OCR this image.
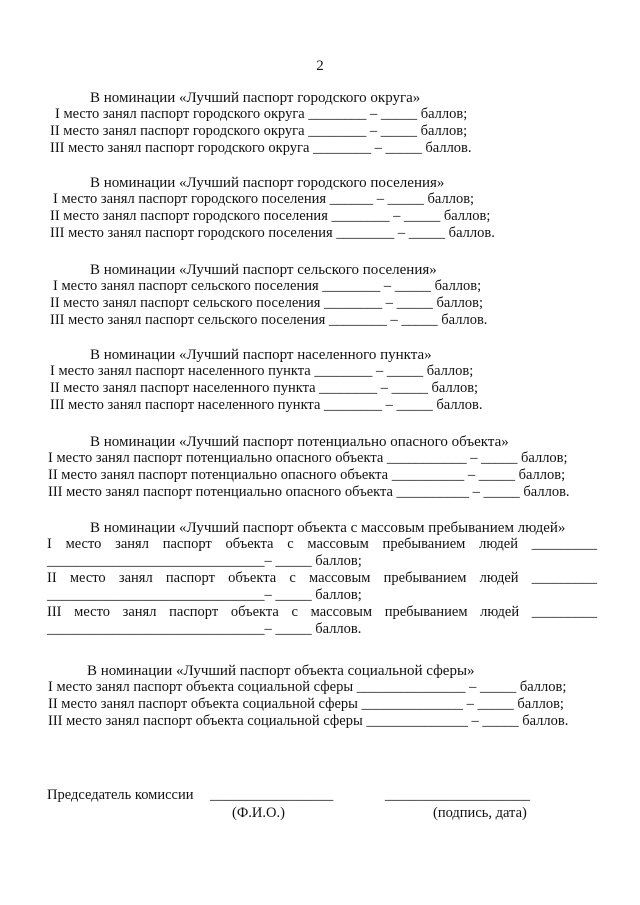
2
В номинации «Лучший паспорт городского округа»
I место занял паспорт городского округа ________ – _____ баллов;
II место занял паспорт городского округа ________ – _____ баллов;
III место занял паспорт городского округа ________ – _____ баллов.
В номинации «Лучший паспорт городского поселения»
I место занял паспорт городского поселения ______ – _____ баллов;
II место занял паспорт городского поселения ________ – _____ баллов;
III место занял паспорт городского поселения ________ – _____ баллов.
В номинации «Лучший паспорт сельского поселения»
I место занял паспорт сельского поселения ________ – _____ баллов;
II место занял паспорт сельского поселения ________ – _____ баллов;
III место занял паспорт сельского поселения ________ – _____ баллов.
В номинации «Лучший паспорт населенного пункта»
I место занял паспорт населенного пункта ________ – _____ баллов;
II место занял паспорт населенного пункта ________ – _____ баллов;
III место занял паспорт населенного пункта ________ – _____ баллов.
В номинации «Лучший паспорт потенциально опасного объекта»
I место занял паспорт потенциально опасного объекта ___________ – _____ баллов;
II место занял паспорт потенциально опасного объекта __________ – _____ баллов;
III место занял паспорт потенциально опасного объекта __________ – _____ баллов.
В номинации «Лучший паспорт объекта с массовым пребыванием людей»
I место занял паспорт объекта с массовым пребыванием людей _________
______________________________– _____ баллов;
II место занял паспорт объекта с массовым пребыванием людей _________
______________________________– _____ баллов;
III место занял паспорт объекта с массовым пребыванием людей _________
______________________________– _____ баллов.
В номинации «Лучший паспорт объекта социальной сферы»
I место занял паспорт объекта социальной сферы _______________ – _____ баллов;
II место занял паспорт объекта социальной сферы ______________ – _____ баллов;
III место занял паспорт объекта социальной сферы ______________ – _____ баллов.
Председатель комиссии _________________	____________________
(Ф.И.О.)	(подпись, дата)
